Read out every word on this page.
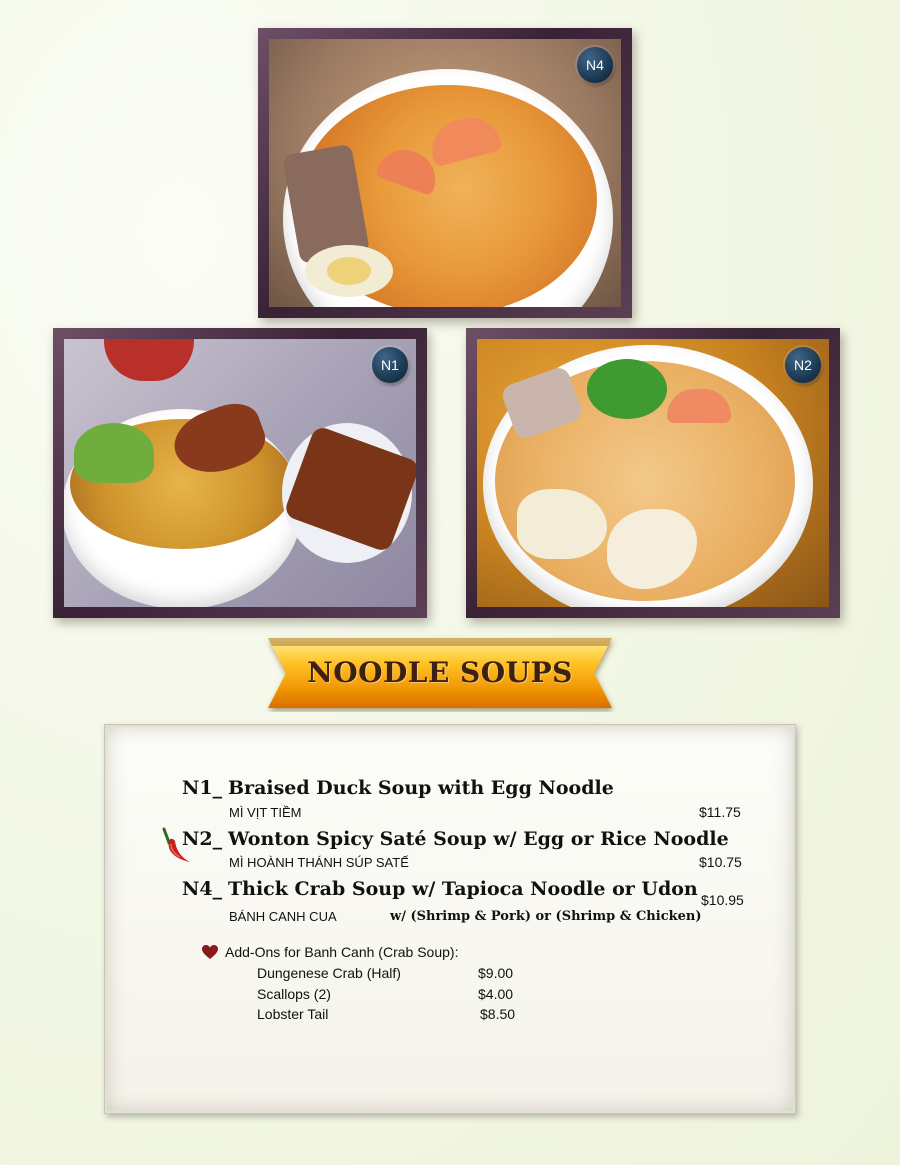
N4
N1	N2
NOODLE SOUPS
N1_ Braised Duck Soup with Egg Noodle
MÌ VỊT TIỀM	$11.75
N2_ Wonton Spicy Saté Soup w/ Egg or Rice Noodle
MÌ HOÀNH THÁNH SÚP SATẾ	$10.75
N4_ Thick Crab Soup w/ Tapioca Noodle or Udon $10.95
BÁNH CANH CUA	w/ (Shrimp & Pork) or (Shrimp & Chicken)
Add-Ons for Banh Canh (Crab Soup):
Dungenese Crab (Half)	$9.00
Scallops (2)	$4.00
Lobster Tail	$8.50
